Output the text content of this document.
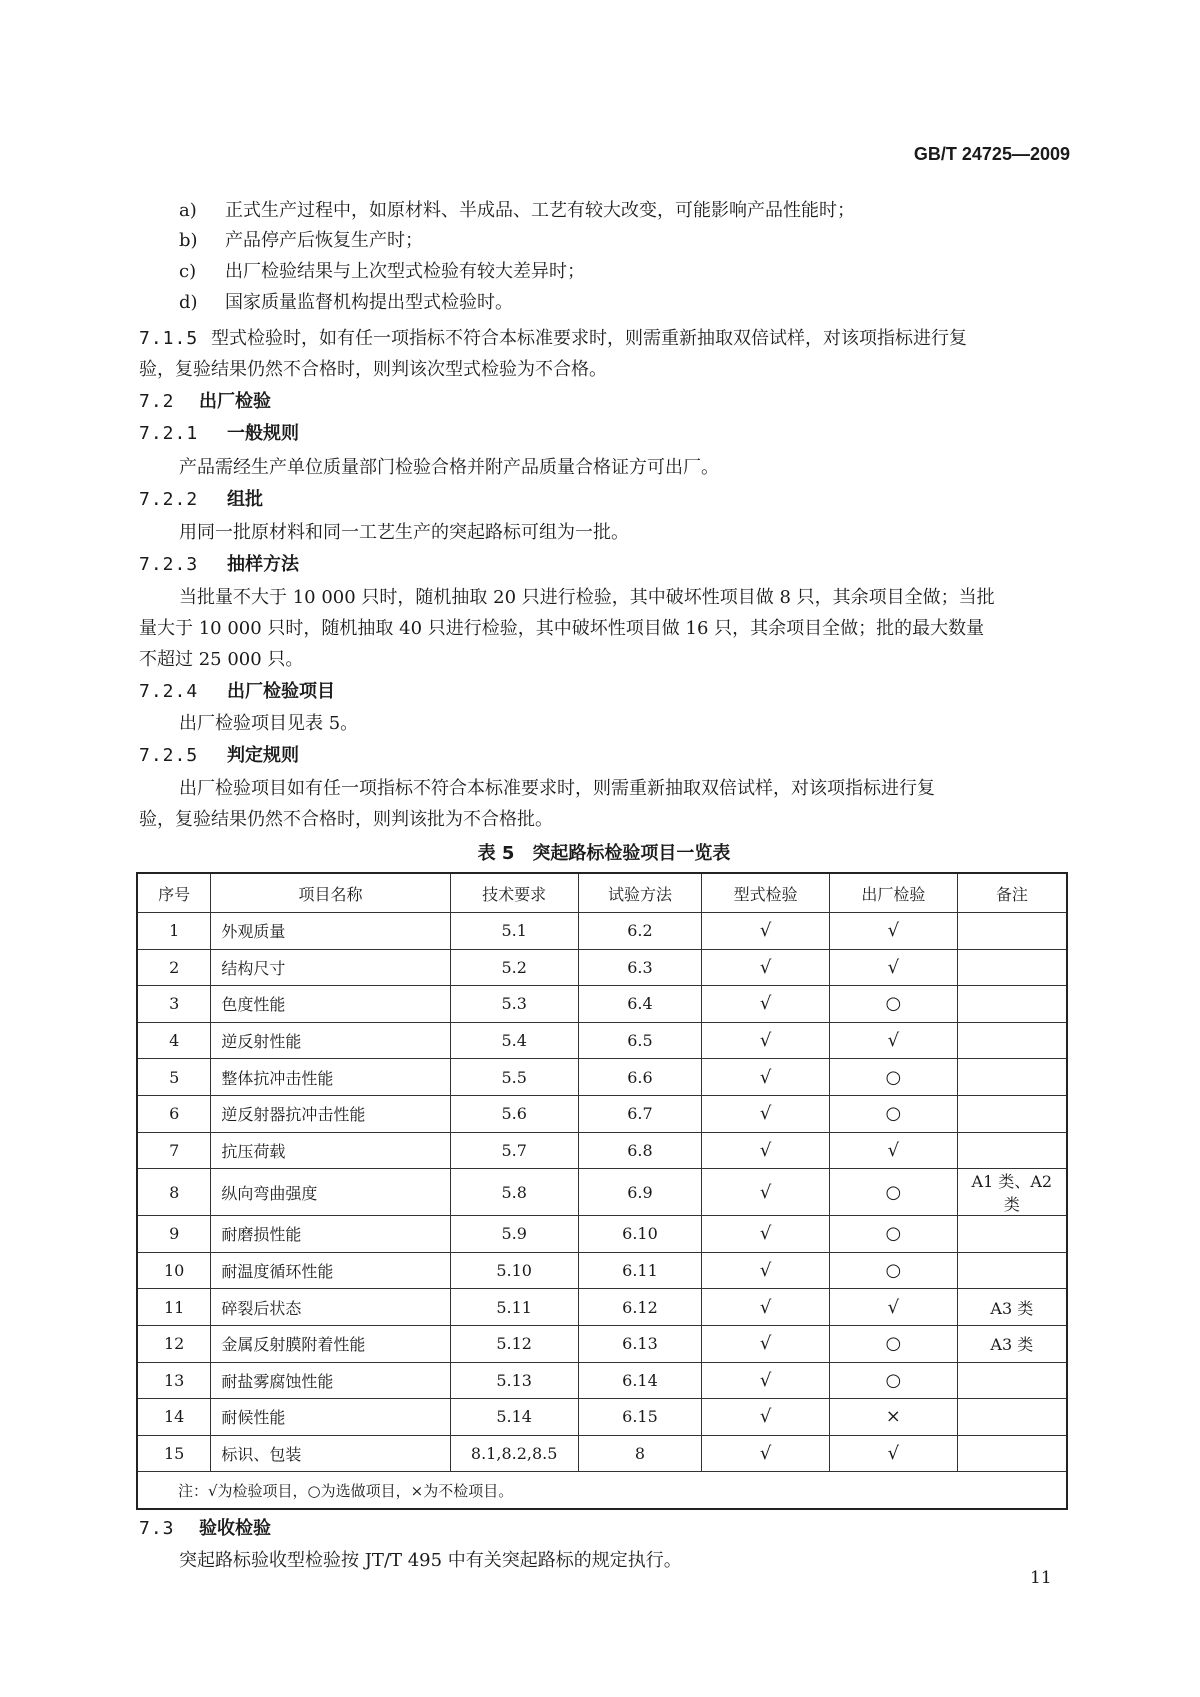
GB/T 24725—2009
a) 正式生产过程中，如原材料、半成品、工艺有较大改变，可能影响产品性能时；
b) 产品停产后恢复生产时；
c) 出厂检验结果与上次型式检验有较大差异时；
d) 国家质量监督机构提出型式检验时。
7.1.5 型式检验时，如有任一项指标不符合本标准要求时，则需重新抽取双倍试样，对该项指标进行复
验，复验结果仍然不合格时，则判该次型式检验为不合格。
7.2 出厂检验
7.2.1 一般规则
产品需经生产单位质量部门检验合格并附产品质量合格证方可出厂。
7.2.2 组批
用同一批原材料和同一工艺生产的突起路标可组为一批。
7.2.3 抽样方法
当批量不大于 10 000 只时，随机抽取 20 只进行检验，其中破坏性项目做 8 只，其余项目全做；当批
量大于 10 000 只时，随机抽取 40 只进行检验，其中破坏性项目做 16 只，其余项目全做；批的最大数量
不超过 25 000 只。
7.2.4 出厂检验项目
出厂检验项目见表 5。
7.2.5 判定规则
出厂检验项目如有任一项指标不符合本标准要求时，则需重新抽取双倍试样，对该项指标进行复
验，复验结果仍然不合格时，则判该批为不合格批。
表 5　突起路标检验项目一览表
序号	项目名称	技术要求	试验方法	型式检验	出厂检验	备注
1	外观质量	5.1	6.2	√	√	
2	结构尺寸	5.2	6.3	√	√	
3	色度性能	5.3	6.4	√	○	
4	逆反射性能	5.4	6.5	√	√	
5	整体抗冲击性能	5.5	6.6	√	○	
6	逆反射器抗冲击性能	5.6	6.7	√	○	
7	抗压荷载	5.7	6.8	√	√	
8	纵向弯曲强度	5.8	6.9	√	○	A1 类、A2 类
9	耐磨损性能	5.9	6.10	√	○	
10	耐温度循环性能	5.10	6.11	√	○	
11	碎裂后状态	5.11	6.12	√	√	A3 类
12	金属反射膜附着性能	5.12	6.13	√	○	A3 类
13	耐盐雾腐蚀性能	5.13	6.14	√	○	
14	耐候性能	5.14	6.15	√	×	
15	标识、包装	8.1,8.2,8.5	8	√	√	
注：√为检验项目，○为选做项目，×为不检项目。						
7.3 验收检验
突起路标验收型检验按 JT/T 495 中有关突起路标的规定执行。
11
